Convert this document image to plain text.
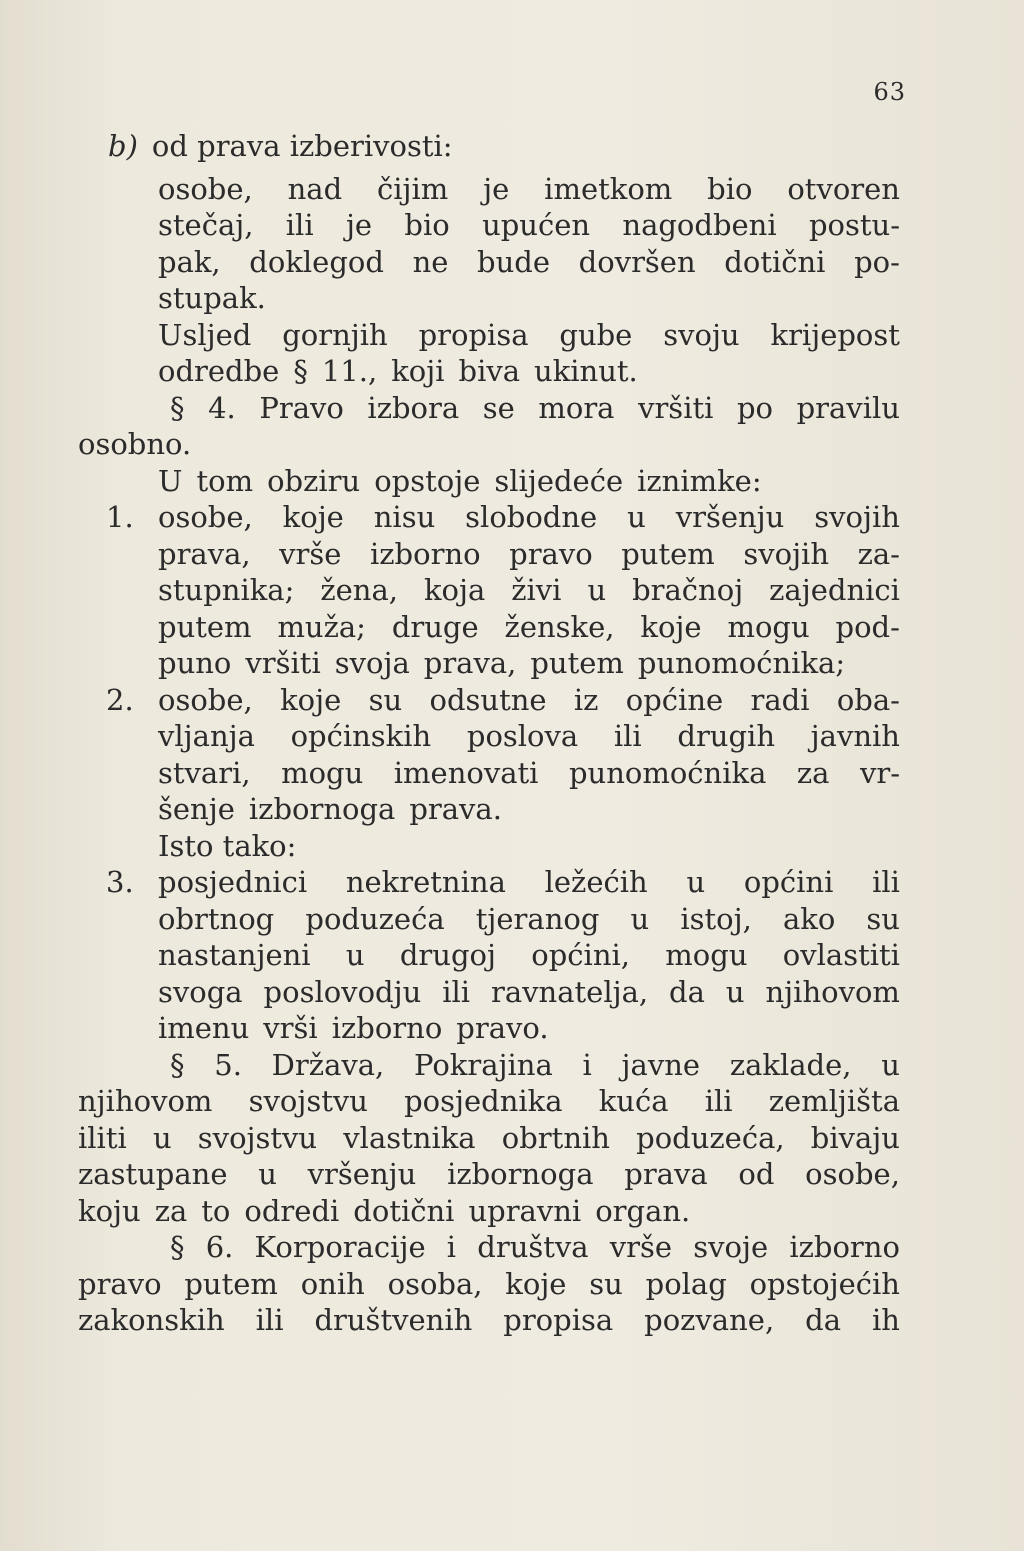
63
b) od prava izberivosti:
osobe, nad čijim je imetkom bio otvoren
stečaj, ili je bio upućen nagodbeni postu-
pak, doklegod ne bude dovršen dotični po-
stupak.
Usljed gornjih propisa gube svoju krijepost
odredbe § 11., koji biva ukinut.
§ 4. Pravo izbora se mora vršiti po pravilu
osobno.
U tom obziru opstoje slijedeće iznimke:
1. osobe, koje nisu slobodne u vršenju svojih
prava, vrše izborno pravo putem svojih za-
stupnika; žena, koja živi u bračnoj zajednici
putem muža; druge ženske, koje mogu pod-
puno vršiti svoja prava, putem punomoćnika;
2. osobe, koje su odsutne iz općine radi oba-
vljanja općinskih poslova ili drugih javnih
stvari, mogu imenovati punomoćnika za vr-
šenje izbornoga prava.
Isto tako:
3. posjednici nekretnina ležećih u općini ili
obrtnog poduzeća tjeranog u istoj, ako su
nastanjeni u drugoj općini, mogu ovlastiti
svoga poslovodju ili ravnatelja, da u njihovom
imenu vrši izborno pravo.
§ 5. Država, Pokrajina i javne zaklade, u
njihovom svojstvu posjednika kuća ili zemljišta
iliti u svojstvu vlastnika obrtnih poduzeća, bivaju
zastupane u vršenju izbornoga prava od osobe,
koju za to odredi dotični upravni organ.
§ 6. Korporacije i društva vrše svoje izborno
pravo putem onih osoba, koje su polag opstojećih
zakonskih ili društvenih propisa pozvane, da ih
